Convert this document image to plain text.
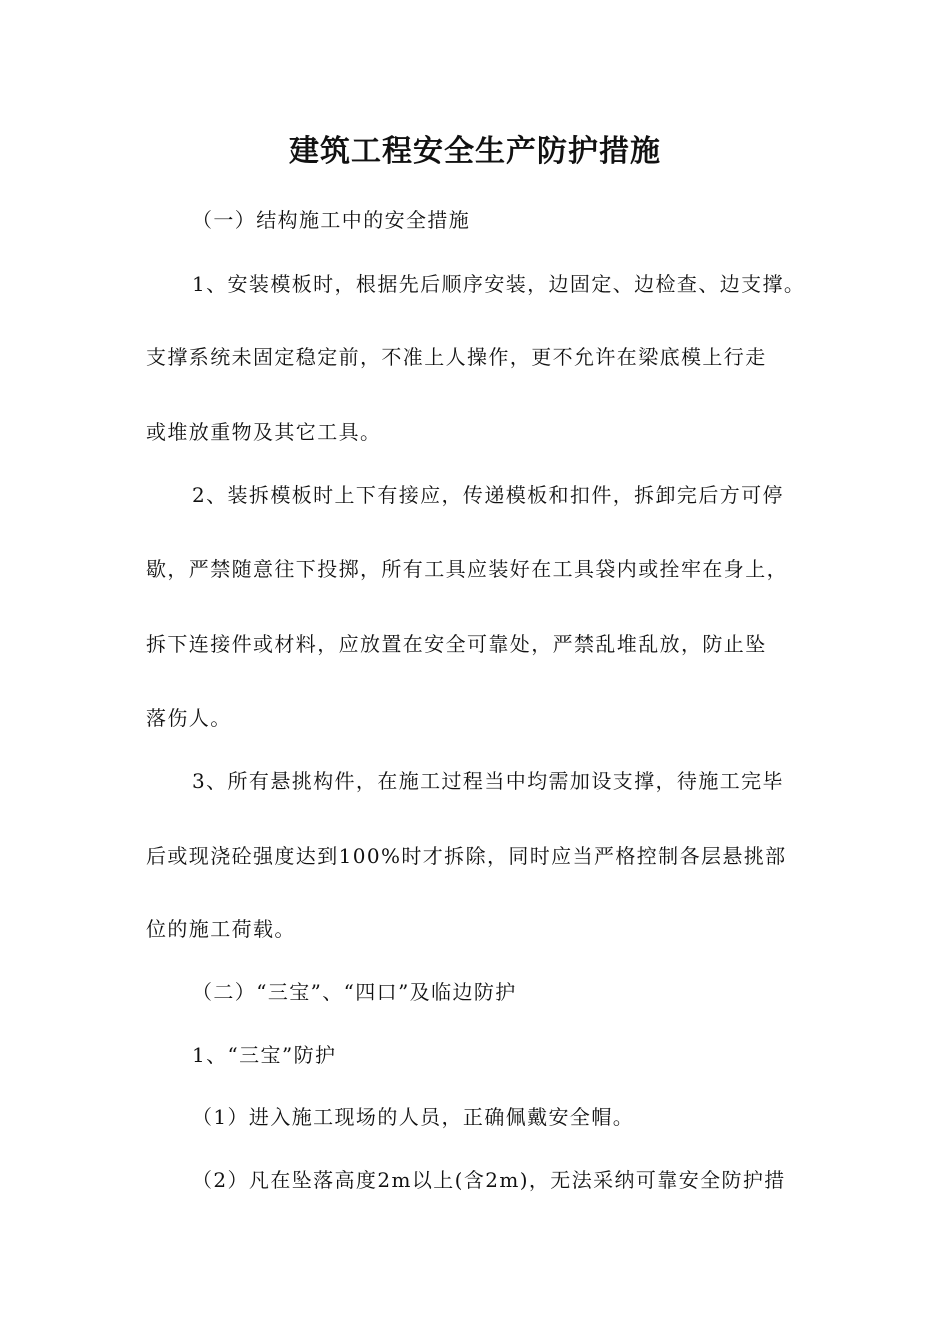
建筑工程安全生产防护措施
（一）结构施工中的安全措施
1、安装模板时，根据先后顺序安装，边固定、边检查、边支撑。
支撑系统未固定稳定前，不准上人操作，更不允许在梁底模上行走
或堆放重物及其它工具。
2、装拆模板时上下有接应，传递模板和扣件，拆卸完后方可停
歇，严禁随意往下投掷，所有工具应装好在工具袋内或拴牢在身上，
拆下连接件或材料，应放置在安全可靠处，严禁乱堆乱放，防止坠
落伤人。
3、所有悬挑构件，在施工过程当中均需加设支撑，待施工完毕
后或现浇砼强度达到100%时才拆除，同时应当严格控制各层悬挑部
位的施工荷载。
（二）“三宝”、“四口”及临边防护
1、“三宝”防护
（1）进入施工现场的人员，正确佩戴安全帽。
（2）凡在坠落高度2m以上(含2m)，无法采纳可靠安全防护措
